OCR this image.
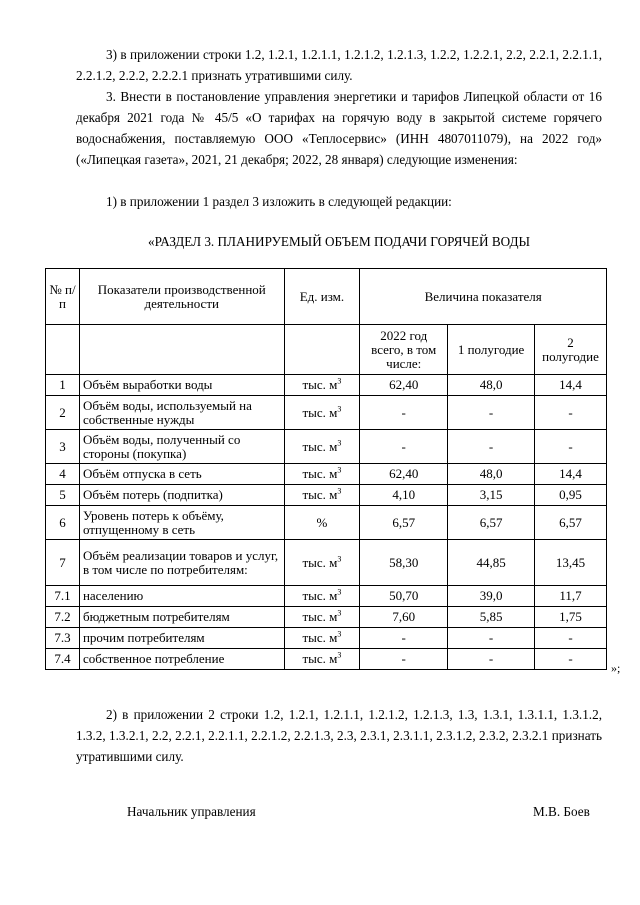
3) в приложении строки 1.2, 1.2.1, 1.2.1.1, 1.2.1.2, 1.2.1.3, 1.2.2, 1.2.2.1, 2.2, 2.2.1, 2.2.1.1, 2.2.1.2, 2.2.2, 2.2.2.1 признать утратившими силу.

3. Внести в постановление управления энергетики и тарифов Липецкой области от 16 декабря 2021 года № 45/5 «О тарифах на горячую воду в закрытой системе горячего водоснабжения, поставляемую ООО «Теплосервис» (ИНН 4807011079), на 2022 год» («Липецкая газета», 2021, 21 декабря; 2022, 28 января) следующие изменения:

1) в приложении 1 раздел 3 изложить в следующей редакции:

«РАЗДЕЛ 3. ПЛАНИРУЕМЫЙ ОБЪЕМ ПОДАЧИ ГОРЯЧЕЙ ВОДЫ

№ п/п	Показатели производственной деятельности	Ед. изм.	Величина показателя		
			2022 год всего, в том числе:	1 полугодие	2 полугодие
1	Объём выработки воды	тыс. $м^3$	62,40	48,0	14,4
2	Объём воды, используемый на собственные нужды	тыс. $м^3$	-	-	-
3	Объём воды, полученный со стороны (покупка)	тыс. $м^3$	-	-	-
4	Объём отпуска в сеть	тыс. $м^3$	62,40	48,0	14,4
5	Объём потерь (подпитка)	тыс. $м^3$	4,10	3,15	0,95
6	Уровень потерь к объёму, отпущенному в сеть	%	6,57	6,57	6,57
7	Объём реализации товаров и услуг, в том числе по потребителям:	тыс. $м^3$	58,30	44,85	13,45
7.1	населению	тыс. $м^3$	50,70	39,0	11,7
7.2	бюджетным потребителям	тыс. $м^3$	7,60	5,85	1,75
7.3	прочим потребителям	тыс. $м^3$	-	-	-
7.4	собственное потребление	тыс. $м^3$	-	-	-
»;

2) в приложении 2 строки 1.2, 1.2.1, 1.2.1.1, 1.2.1.2, 1.2.1.3, 1.3, 1.3.1, 1.3.1.1, 1.3.1.2, 1.3.2, 1.3.2.1, 2.2, 2.2.1, 2.2.1.1, 2.2.1.2, 2.2.1.3, 2.3, 2.3.1, 2.3.1.1, 2.3.1.2, 2.3.2, 2.3.2.1 признать утратившими силу.

Начальник управления	М.В. Боев
